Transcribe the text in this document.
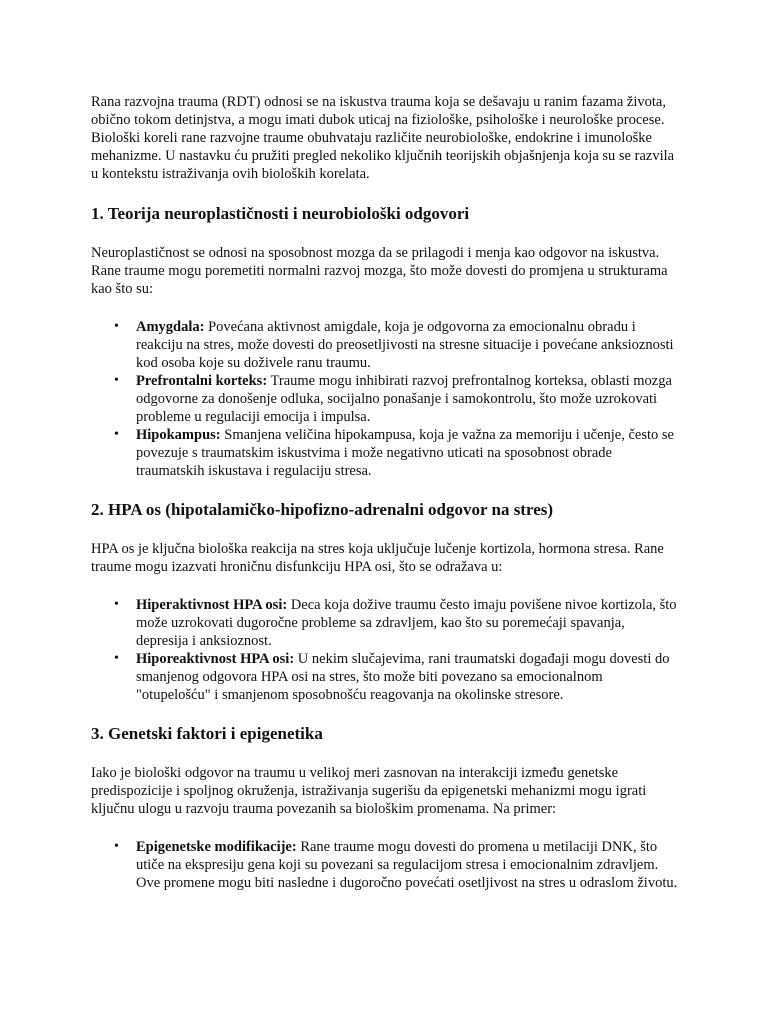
Rana razvojna trauma (RDT) odnosi se na iskustva trauma koja se dešavaju u ranim fazama života, obično tokom detinjstva, a mogu imati dubok uticaj na fiziološke, psihološke i neurološke procese. Biološki koreli rane razvojne traume obuhvataju različite neurobiološke, endokrine i imunološke mehanizme. U nastavku ću pružiti pregled nekoliko ključnih teorijskih objašnjenja koja su se razvila u kontekstu istraživanja ovih bioloških korelata.

1. Teorija neuroplastičnosti i neurobiološki odgovori

Neuroplastičnost se odnosi na sposobnost mozga da se prilagodi i menja kao odgovor na iskustva. Rane traume mogu poremetiti normalni razvoj mozga, što može dovesti do promjena u strukturama kao što su:

• Amygdala: Povećana aktivnost amigdale, koja je odgovorna za emocionalnu obradu i reakciju na stres, može dovesti do preosetljivosti na stresne situacije i povećane anksioznosti kod osoba koje su doživele ranu traumu.
• Prefrontalni korteks: Traume mogu inhibirati razvoj prefrontalnog korteksa, oblasti mozga odgovorne za donošenje odluka, socijalno ponašanje i samokontrolu, što može uzrokovati probleme u regulaciji emocija i impulsa.
• Hipokampus: Smanjena veličina hipokampusa, koja je važna za memoriju i učenje, često se povezuje s traumatskim iskustvima i može negativno uticati na sposobnost obrade traumatskih iskustava i regulaciju stresa.
2. HPA os (hipotalamičko-hipofizno-adrenalni odgovor na stres)

HPA os je ključna biološka reakcija na stres koja uključuje lučenje kortizola, hormona stresa. Rane traume mogu izazvati hroničnu disfunkciju HPA osi, što se odražava u:

• Hiperaktivnost HPA osi: Deca koja dožive traumu često imaju povišene nivoe kortizola, što može uzrokovati dugoročne probleme sa zdravljem, kao što su poremećaji spavanja, depresija i anksioznost.
• Hiporeaktivnost HPA osi: U nekim slučajevima, rani traumatski događaji mogu dovesti do smanjenog odgovora HPA osi na stres, što može biti povezano sa emocionalnom "otupelošću" i smanjenom sposobnošću reagovanja na okolinske stresore.
3. Genetski faktori i epigenetika

Iako je biološki odgovor na traumu u velikoj meri zasnovan na interakciji između genetske predispozicije i spoljnog okruženja, istraživanja sugerišu da epigenetski mehanizmi mogu igrati ključnu ulogu u razvoju trauma povezanih sa biološkim promenama. Na primer:

• Epigenetske modifikacije: Rane traume mogu dovesti do promena u metilaciji DNK, što utiče na ekspresiju gena koji su povezani sa regulacijom stresa i emocionalnim zdravljem. Ove promene mogu biti nasledne i dugoročno povećati osetljivost na stres u odraslom životu.
